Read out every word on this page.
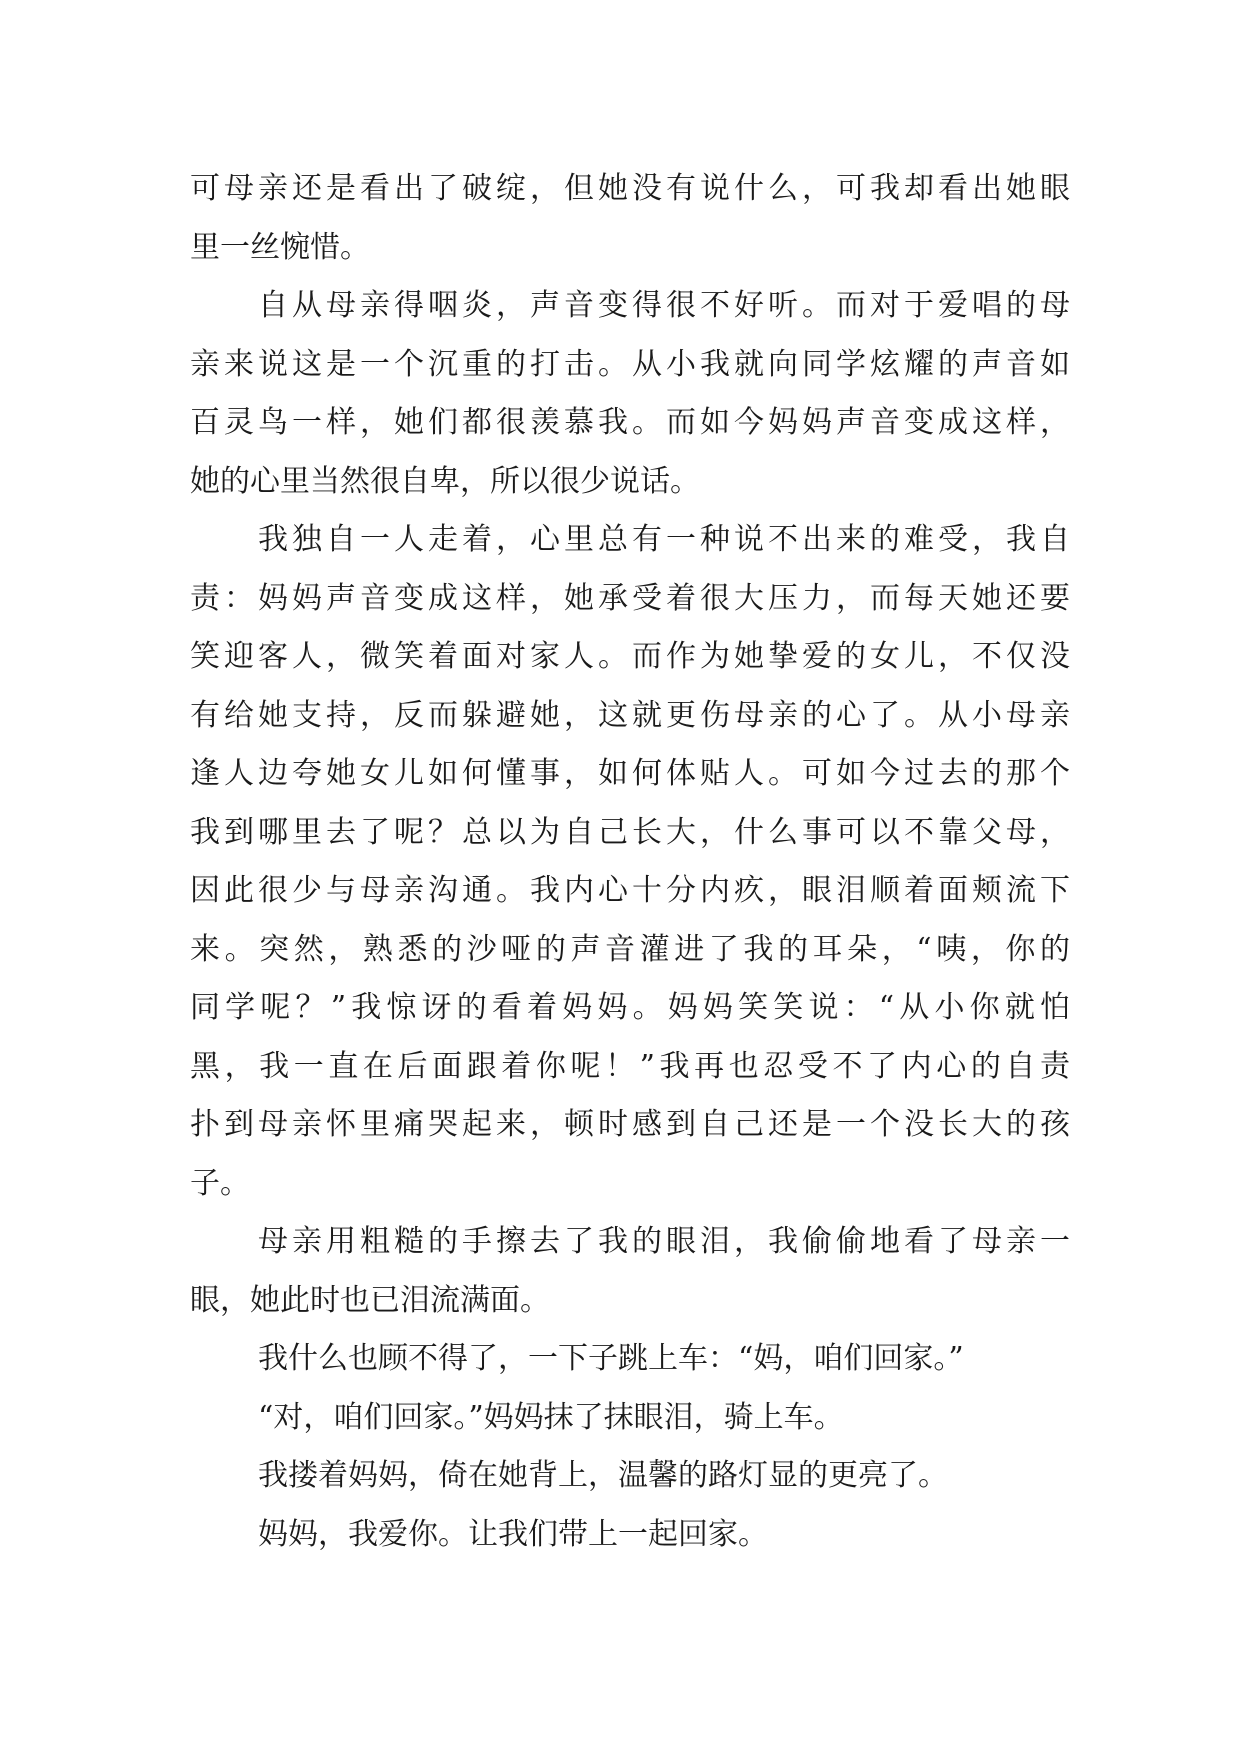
可母亲还是看出了破绽，但她没有说什么，可我却看出她眼
里一丝惋惜。
自从母亲得咽炎，声音变得很不好听。而对于爱唱的母
亲来说这是一个沉重的打击。从小我就向同学炫耀的声音如
百灵鸟一样，她们都很羡慕我。而如今妈妈声音变成这样，
她的心里当然很自卑，所以很少说话。
我独自一人走着，心里总有一种说不出来的难受，我自
责：妈妈声音变成这样，她承受着很大压力，而每天她还要
笑迎客人，微笑着面对家人。而作为她挚爱的女儿，不仅没
有给她支持，反而躲避她，这就更伤母亲的心了。从小母亲
逢人边夸她女儿如何懂事，如何体贴人。可如今过去的那个
我到哪里去了呢？总以为自己长大，什么事可以不靠父母，
因此很少与母亲沟通。我内心十分内疚，眼泪顺着面颊流下
来。突然，熟悉的沙哑的声音灌进了我的耳朵，“咦，你的
同学呢？”我惊讶的看着妈妈。妈妈笑笑说：“从小你就怕
黑，我一直在后面跟着你呢！”我再也忍受不了内心的自责
扑到母亲怀里痛哭起来，顿时感到自己还是一个没长大的孩
子。
母亲用粗糙的手擦去了我的眼泪，我偷偷地看了母亲一
眼，她此时也已泪流满面。
我什么也顾不得了，一下子跳上车：“妈，咱们回家。”
“对，咱们回家。”妈妈抹了抹眼泪，骑上车。
我搂着妈妈，倚在她背上，温馨的路灯显的更亮了。
妈妈，我爱你。让我们带上一起回家。
